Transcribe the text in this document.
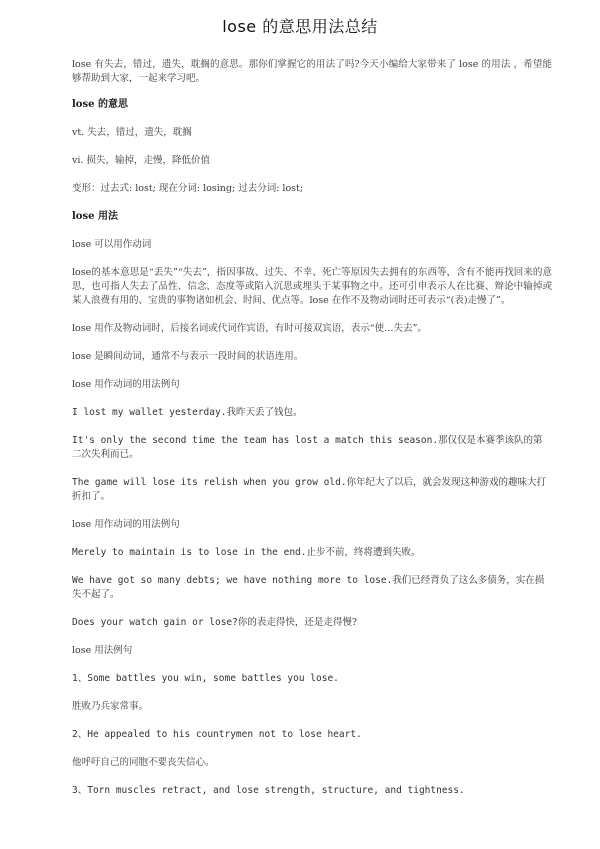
lose 的意思用法总结

lose 有失去，错过，遗失，耽搁的意思。那你们掌握它的用法了吗?今天小编给大家带来了 lose 的用法 ，希望能够帮助到大家，一起来学习吧。

lose 的意思

vt. 失去，错过，遗失，耽搁

vi. 损失，输掉，走慢，降低价值

变形：过去式: lost; 现在分词: losing; 过去分词: lost;

lose 用法

lose 可以用作动词

lose的基本意思是“丢失”“失去”，指因事故、过失、不幸、死亡等原因失去拥有的东西等，含有不能再找回来的意思，也可指人失去了品性、信念、态度等或陷入沉思或埋头于某事物之中。还可引申表示人在比赛、辩论中输掉或某人浪费有用的、宝贵的事物诸如机会、时间、优点等。lose 在作不及物动词时还可表示“(表)走慢了”。

lose 用作及物动词时，后接名词或代词作宾语，有时可接双宾语，表示“使…失去”。

lose 是瞬间动词，通常不与表示一段时间的状语连用。

lose 用作动词的用法例句

I lost my wallet yesterday.我昨天丢了钱包。

It's only the second time the team has lost a match this season.那仅仅是本赛季该队的第二次失利而已。

The game will lose its relish when you grow old.你年纪大了以后，就会发现这种游戏的趣味大打折扣了。

lose 用作动词的用法例句

Merely to maintain is to lose in the end.止步不前，终将遭到失败。

We have got so many debts; we have nothing more to lose.我们已经背负了这么多债务，实在损失不起了。

Does your watch gain or lose?你的表走得快，还是走得慢?

lose 用法例句

1、Some battles you win, some battles you lose.

胜败乃兵家常事。

2、He appealed to his countrymen not to lose heart.

他呼吁自己的同胞不要丧失信心。

3、Torn muscles retract, and lose strength, structure, and tightness.
